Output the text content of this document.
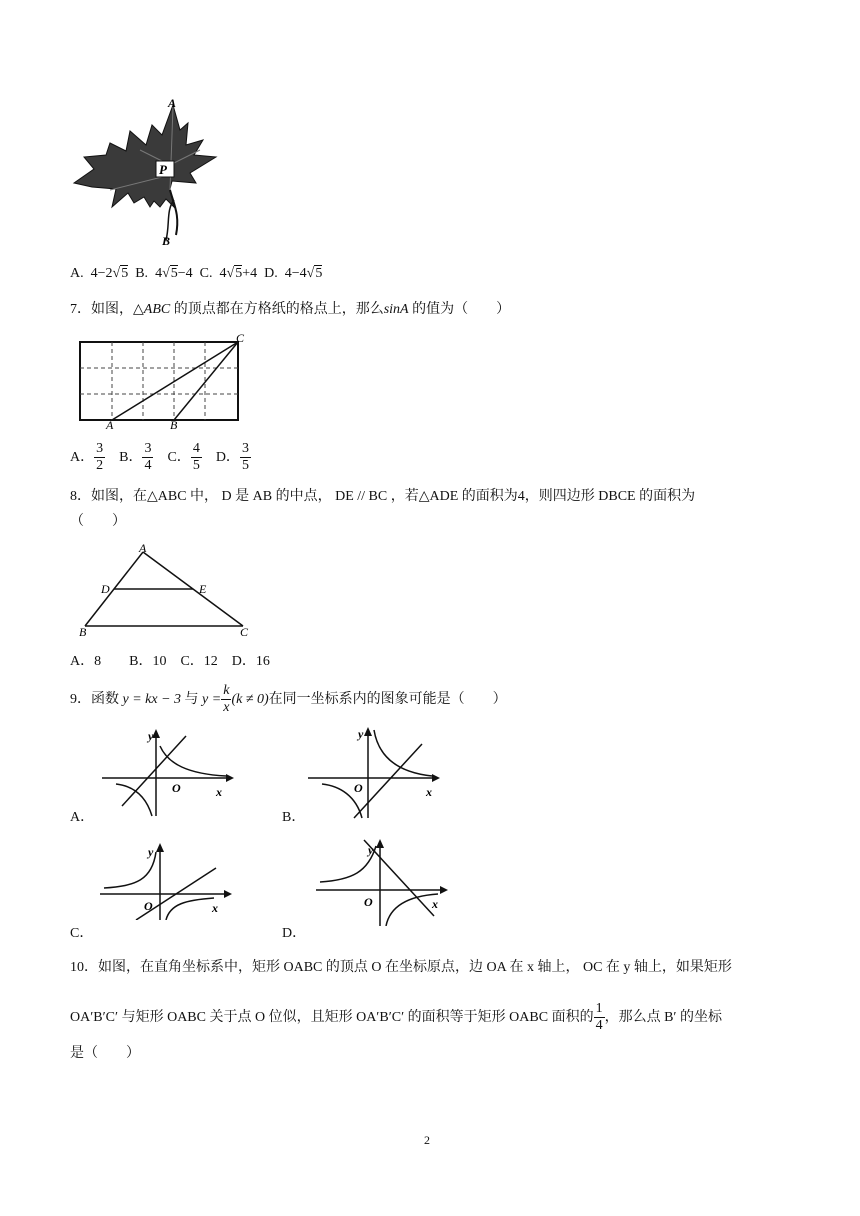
P
A
B
A. 4−2√5 B. 4√5−4 C. 4√5+4 D. 4−4√5
7．如图，△ABC 的顶点都在方格纸的格点上，那么sinA 的值为（　　）
A	B
C
A． $\frac{3}{2}$ B． $\frac{3}{4}$ C． $\frac{4}{5}$ D． $\frac{3}{5}$
8．如图，在△ABC 中， D 是 AB 的中点， DE // BC ，若△ADE 的面积为4，则四边形 DBCE 的面积为
（　　）
A
D	E
B	C
A．8　　B．10　C．12　D．16
9．函数 y = kx − 3 与 $y = \frac{k}{x} (k \ne 0)$在同一坐标系内的图象可能是（　　）
y
O	x
A．
y
O	x
B．
y
O	x
C．
y
O	x
D．
10．如图，在直角坐标系中，矩形 OABC 的顶点 O 在坐标原点，边 OA 在 x 轴上， OC 在 y 轴上，如果矩形
OA′B′C′ 与矩形 OABC 关于点 O 位似，且矩形 OA′B′C′ 的面积等于矩形 OABC 面积的 $\frac{1}{4}$ ，那么点 B′ 的坐标
是（　　）
2
